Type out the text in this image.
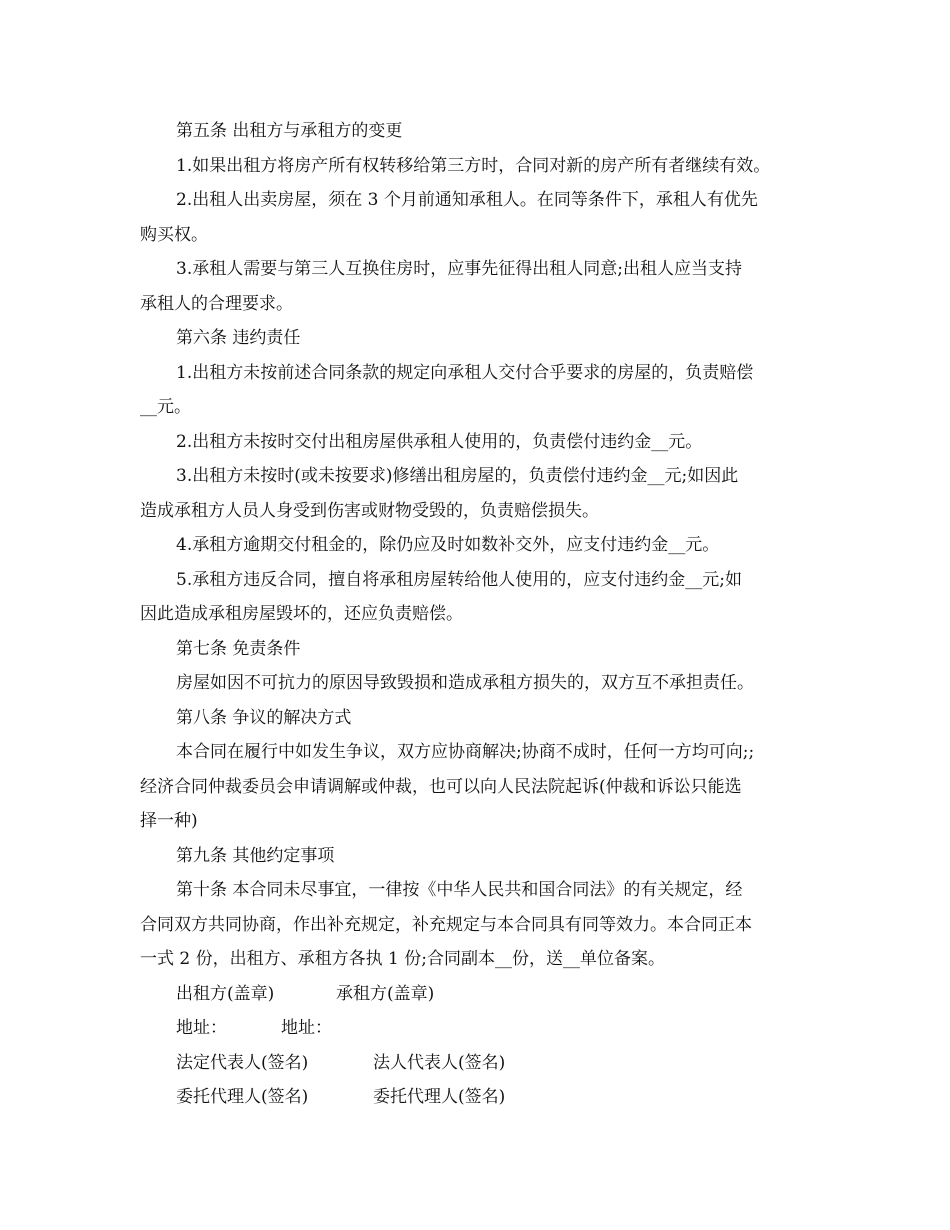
第五条 出租方与承租方的变更
1.如果出租方将房产所有权转移给第三方时，合同对新的房产所有者继续有效。
2.出租人出卖房屋，须在 3 个月前通知承租人。在同等条件下，承租人有优先
购买权。
3.承租人需要与第三人互换住房时，应事先征得出租人同意;出租人应当支持
承租人的合理要求。
第六条 违约责任
1.出租方未按前述合同条款的规定向承租人交付合乎要求的房屋的，负责赔偿
__元。
2.出租方未按时交付出租房屋供承租人使用的，负责偿付违约金__元。
3.出租方未按时(或未按要求)修缮出租房屋的，负责偿付违约金__元;如因此
造成承租方人员人身受到伤害或财物受毁的，负责赔偿损失。
4.承租方逾期交付租金的，除仍应及时如数补交外，应支付违约金__元。
5.承租方违反合同，擅自将承租房屋转给他人使用的，应支付违约金__元;如
因此造成承租房屋毁坏的，还应负责赔偿。
第七条 免责条件
房屋如因不可抗力的原因导致毁损和造成承租方损失的，双方互不承担责任。
第八条 争议的解决方式
本合同在履行中如发生争议，双方应协商解决;协商不成时，任何一方均可向;;
经济合同仲裁委员会申请调解或仲裁，也可以向人民法院起诉(仲裁和诉讼只能选
择一种)
第九条 其他约定事项
第十条 本合同未尽事宜，一律按《中华人民共和国合同法》的有关规定，经
合同双方共同协商，作出补充规定，补充规定与本合同具有同等效力。本合同正本
一式 2 份，出租方、承租方各执 1 份;合同副本__份，送__单位备案。
出租方(盖章)	承租方(盖章)
地址：	地址：
法定代表人(签名)	法人代表人(签名)
委托代理人(签名)	委托代理人(签名)
